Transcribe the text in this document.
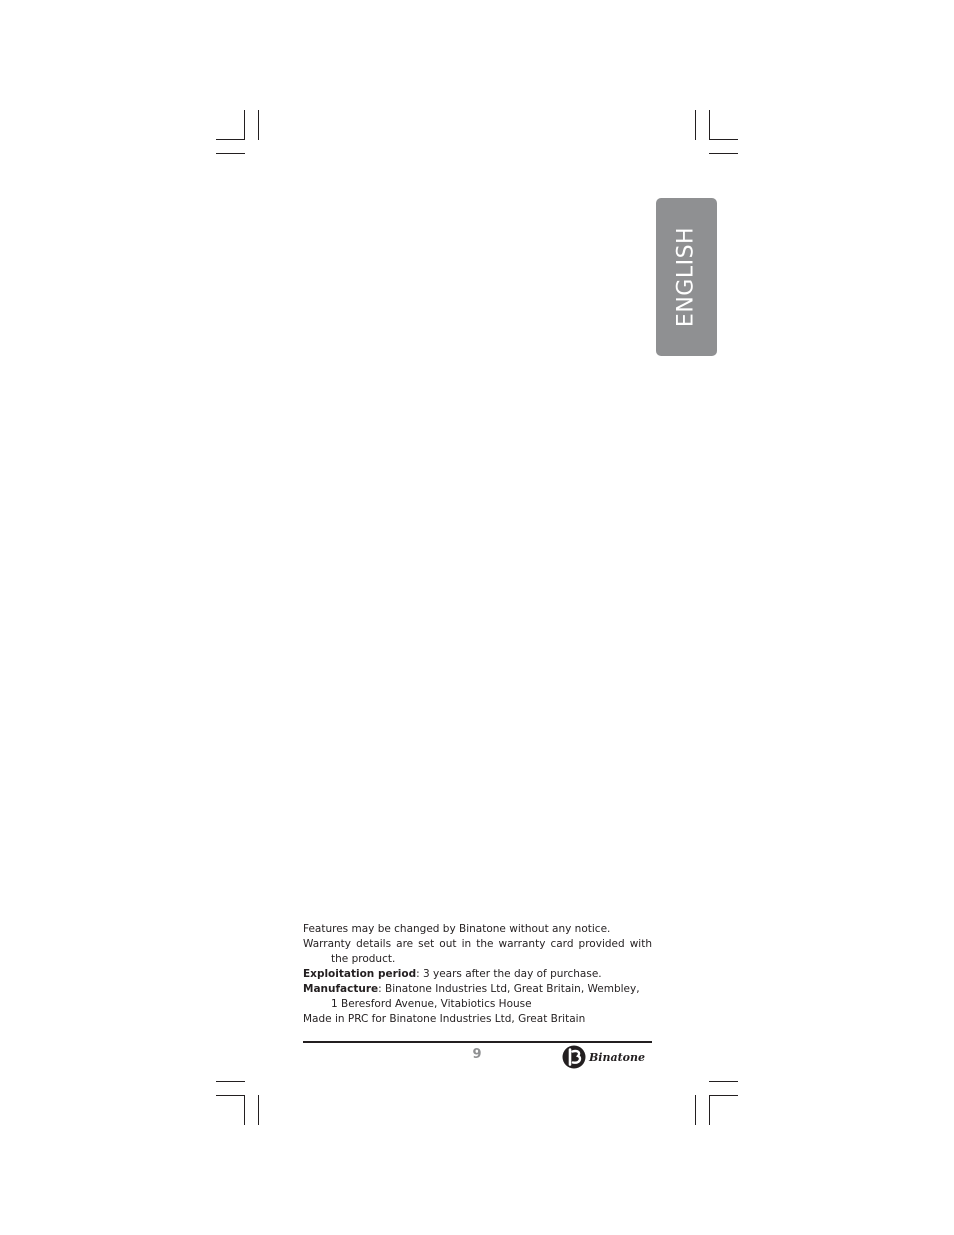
ENGLISH
Features may be changed by Binatone without any notice.
Warranty details are set out in the warranty card provided with
the product.
Exploitation period: 3 years after the day of purchase.
Manufacture: Binatone Industries Ltd, Great Britain, Wembley,
1 Beresford Avenue, Vitabiotics House
Made in PRC for Binatone Industries Ltd, Great Britain
9	Binatone
